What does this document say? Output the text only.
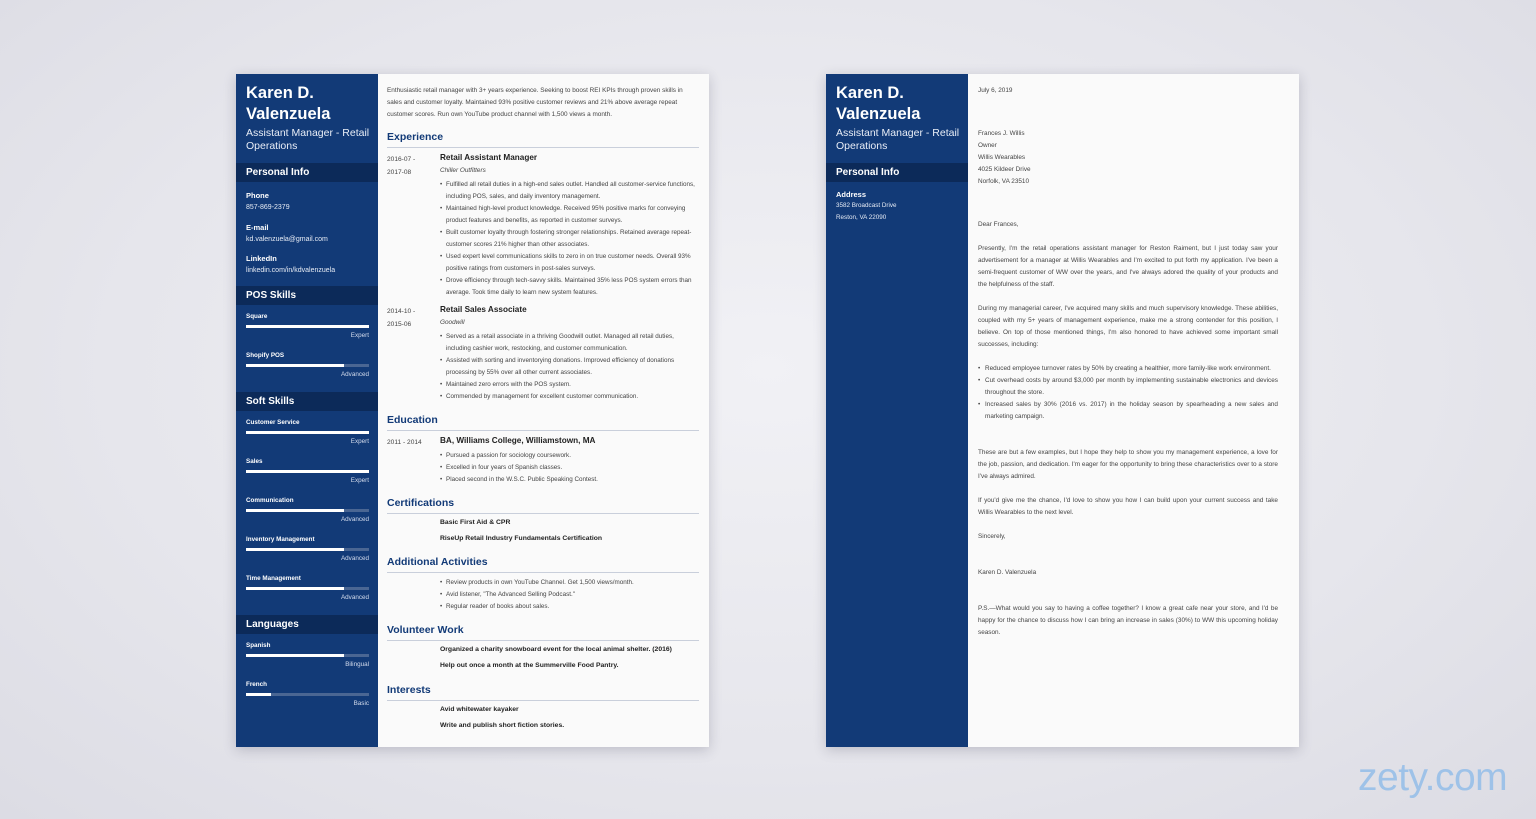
Karen D. Valenzuela
Assistant Manager - Retail Operations
Personal Info
Phone
857-869-2379
E-mail
kd.valenzuela@gmail.com
LinkedIn
linkedin.com/in/kdvalenzuela
POS Skills
Square
Expert
Shopify POS
Advanced
Soft Skills
Customer Service
Expert
Sales
Expert
Communication
Advanced
Inventory Management
Advanced
Time Management
Advanced
Languages
Spanish
Bilingual
French
Basic
Enthusiastic retail manager with 3+ years experience. Seeking to boost REI KPIs through proven skills in sales and customer loyalty. Maintained 93% positive customer reviews and 21% above average repeat customer scores. Run own YouTube product channel with 1,500 views a month.
Experience
2016-07 - 2017-08
Retail Assistant Manager
Chiller Outfitters
• Fulfilled all retail duties in a high-end sales outlet. Handled all customer-service functions, including POS, sales, and daily inventory management.
• Maintained high-level product knowledge. Received 95% positive marks for conveying product features and benefits, as reported in customer surveys.
• Built customer loyalty through fostering stronger relationships. Retained average repeat-customer scores 21% higher than other associates.
• Used expert level communications skills to zero in on true customer needs. Overall 93% positive ratings from customers in post-sales surveys.
• Drove efficiency through tech-savvy skills. Maintained 35% less POS system errors than average. Took time daily to learn new system features.
2014-10 - 2015-06
Retail Sales Associate
Goodwill
• Served as a retail associate in a thriving Goodwill outlet. Managed all retail duties, including cashier work, restocking, and customer communication.
• Assisted with sorting and inventorying donations. Improved efficiency of donations processing by 55% over all other current associates.
• Maintained zero errors with the POS system.
• Commended by management for excellent customer communication.
Education
2011 - 2014	BA, Williams College, Williamstown, MA
• Pursued a passion for sociology coursework.
• Excelled in four years of Spanish classes.
• Placed second in the W.S.C. Public Speaking Contest.
Certifications
Basic First Aid & CPR
RiseUp Retail Industry Fundamentals Certification
Additional Activities
• Review products in own YouTube Channel. Get 1,500 views/month.
• Avid listener, "The Advanced Selling Podcast."
• Regular reader of books about sales.
Volunteer Work
Organized a charity snowboard event for the local animal shelter. (2016)
Help out once a month at the Summerville Food Pantry.
Interests
Avid whitewater kayaker
Write and publish short fiction stories.
Karen D. Valenzuela
Assistant Manager - Retail Operations
Personal Info
Address
3582 Broadcast Drive
Reston, VA 22090
July 6, 2019
Frances J. Willis
Owner
Willis Wearables
4025 Kildeer Drive
Norfolk, VA 23510
Dear Frances,
Presently, I'm the retail operations assistant manager for Reston Raiment, but I just today saw your advertisement for a manager at Willis Wearables and I'm excited to put forth my application. I've been a semi-frequent customer of WW over the years, and I've always adored the quality of your products and the helpfulness of the staff.
During my managerial career, I've acquired many skills and much supervisory knowledge. These abilities, coupled with my 5+ years of management experience, make me a strong contender for this position, I believe. On top of those mentioned things, I'm also honored to have achieved some important small successes, including:
• Reduced employee turnover rates by 50% by creating a healthier, more family-like work environment.
• Cut overhead costs by around $3,000 per month by implementing sustainable electronics and devices throughout the store.
• Increased sales by 30% (2016 vs. 2017) in the holiday season by spearheading a new sales and marketing campaign.
These are but a few examples, but I hope they help to show you my management experience, a love for the job, passion, and dedication. I'm eager for the opportunity to bring these characteristics over to a store I've always admired.
If you'd give me the chance, I'd love to show you how I can build upon your current success and take Willis Wearables to the next level.
Sincerely,
Karen D. Valenzuela
P.S.—What would you say to having a coffee together? I know a great cafe near your store, and I'd be happy for the chance to discuss how I can bring an increase in sales (30%) to WW this upcoming holiday season.
zety.com
